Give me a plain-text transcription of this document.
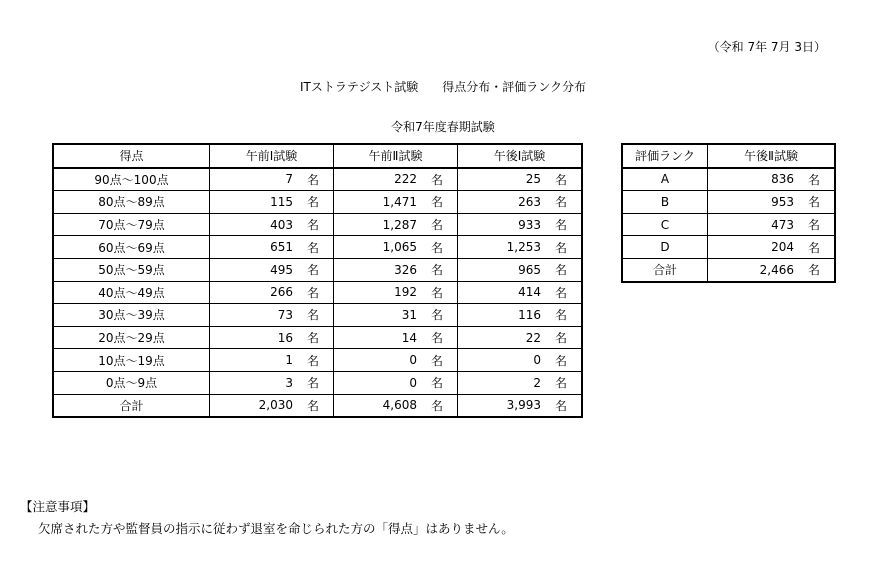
（令和 7年 7月 3日）
ITストラテジスト試験　　得点分布・評価ランク分布
令和7年度春期試験
得点	午前Ⅰ試験	午前Ⅱ試験	午後Ⅰ試験
90点～100点	7 名	222 名	25 名

80点～89点	115 名	1,471 名	263 名

70点～79点	403 名	1,287 名	933 名

60点～69点	651 名	1,065 名	1,253 名

50点～59点	495 名	326 名	965 名

40点～49点	266 名	192 名	414 名

30点～39点	73 名	31 名	116 名

20点～29点	16 名	14 名	22 名

10点～19点	1 名	0 名	0 名

0点～9点	3 名	0 名	2 名

合計	2,030 名	4,608 名	3,993 名
評価ランク	午後Ⅱ試験
A	836 名

B	953 名

C	473 名

D	204 名

合計	2,466 名
【注意事項】
欠席された方や監督員の指示に従わず退室を命じられた方の「得点」はありません。
